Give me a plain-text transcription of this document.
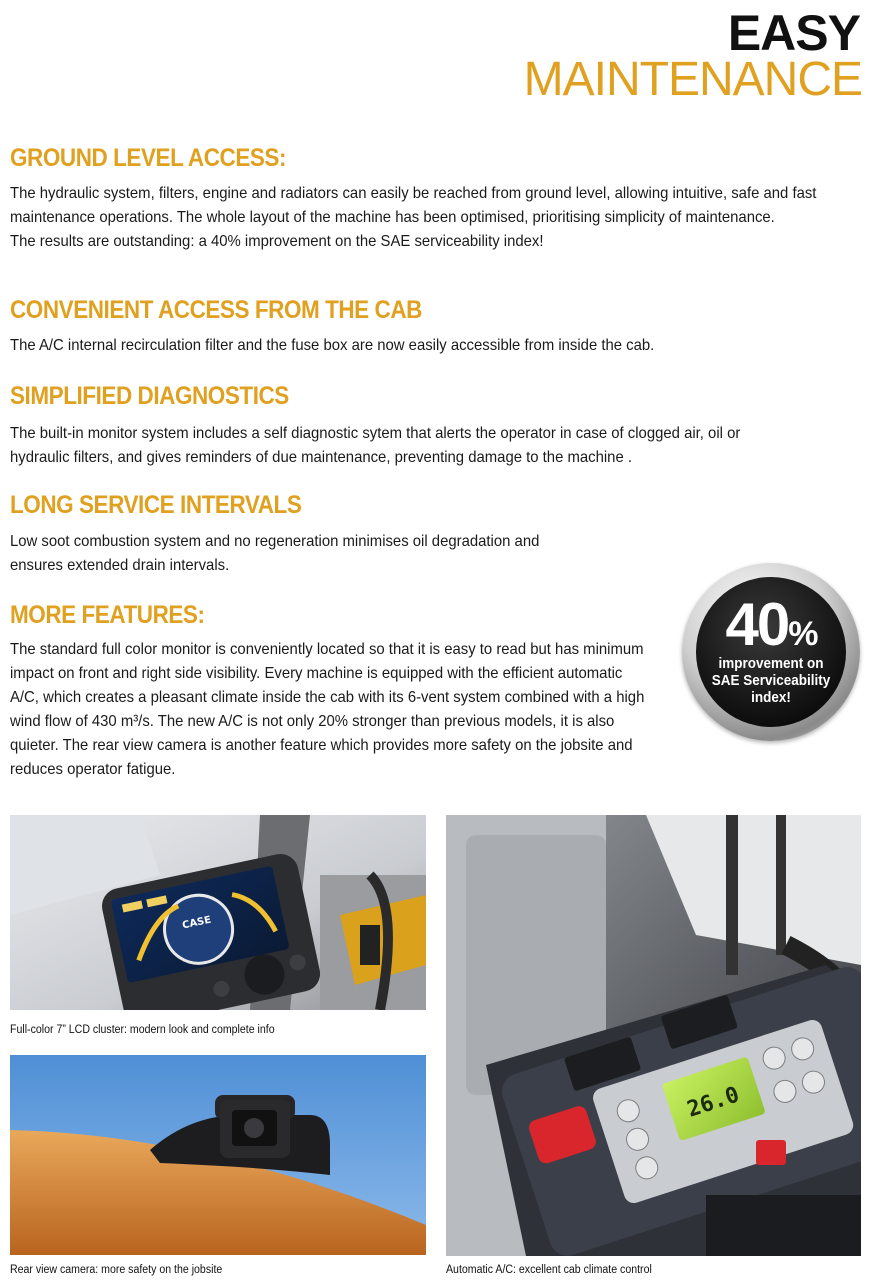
EASY
MAINTENANCE
GROUND LEVEL ACCESS:
The hydraulic system, filters, engine and radiators can easily be reached from ground level, allowing intuitive, safe and fast maintenance operations. The whole layout of the machine has been optimised, prioritising simplicity of maintenance.
The results are outstanding: a 40% improvement on the SAE serviceability index!
CONVENIENT ACCESS FROM THE CAB
The A/C internal recirculation filter and the fuse box are now easily accessible from inside the cab.
SIMPLIFIED DIAGNOSTICS
The built-in monitor system includes a self diagnostic sytem that alerts the operator in case of clogged air, oil or hydraulic filters, and gives reminders of due maintenance, preventing damage to the machine .
LONG SERVICE INTERVALS
Low soot combustion system and no regeneration minimises oil degradation and ensures extended drain intervals.
MORE FEATURES:
The standard full color monitor is conveniently located so that it is easy to read but has minimum impact on front and right side visibility. Every machine is equipped with the efficient automatic A/C, which creates a pleasant climate inside the cab with its 6-vent system combined with a high wind flow of 430 m³/s. The new A/C is not only 20% stronger than previous models, it is also quieter. The rear view camera is another feature which provides more safety on the jobsite and reduces operator fatigue.
40%
improvement on
SAE Serviceability
index!
CASE
Full-color 7” LCD cluster: modern look and complete info
Rear view camera: more safety on the jobsite
26.0
Automatic A/C: excellent cab climate control
